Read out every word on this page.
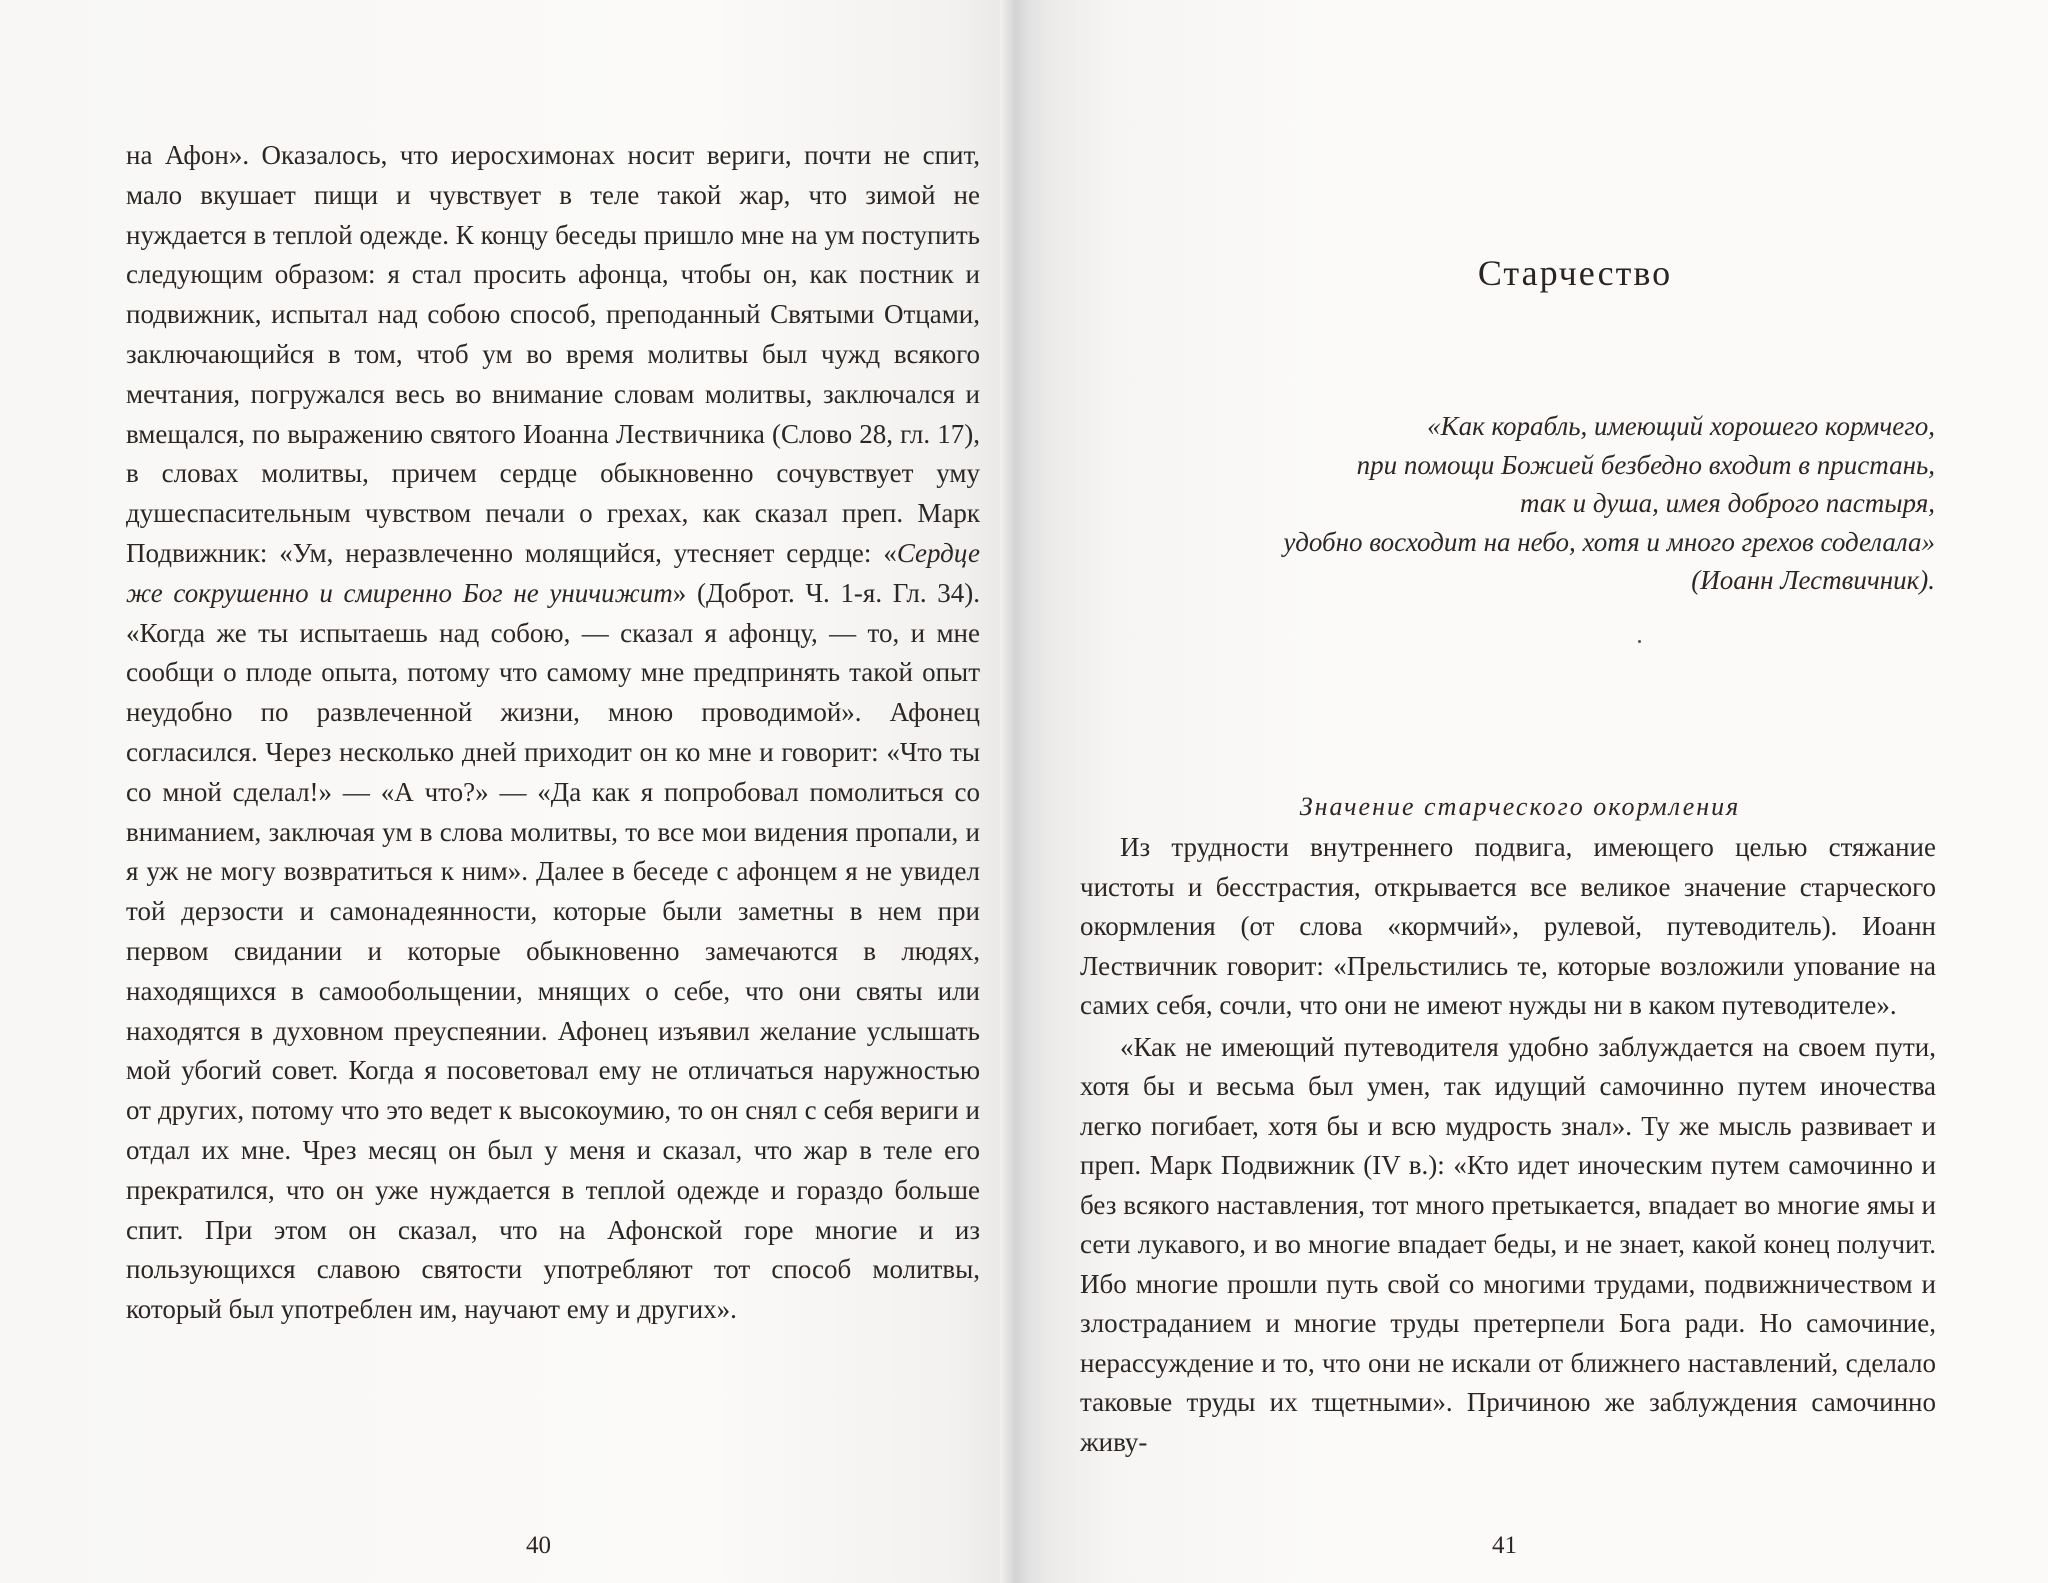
на Афон». Оказалось, что иеросхимонах носит вериги, почти не спит, мало вкушает пищи и чувствует в теле такой жар, что зимой не нуждается в теплой одежде. К концу беседы пришло мне на ум поступить следующим образом: я стал просить афонца, чтобы он, как постник и подвижник, испытал над собою способ, преподанный Святыми Отцами, заключающийся в том, чтоб ум во время молитвы был чужд всякого мечтания, погружался весь во внимание словам молитвы, заключался и вмещался, по выражению святого Иоанна Лествичника (Слово 28, гл. 17), в словах молитвы, причем сердце обыкновенно сочувствует уму душеспасительным чувством печали о грехах, как сказал преп. Марк Подвижник: «Ум, неразвлеченно молящийся, утесняет сердце: «Сердце же сокрушенно и смиренно Бог не уничижит» (Доброт. Ч. 1-я. Гл. 34). «Когда же ты испытаешь над собою, — сказал я афонцу, — то, и мне сообщи о плоде опыта, потому что самому мне предпринять такой опыт неудобно по развлеченной жизни, мною проводимой». Афонец согласился. Через несколько дней приходит он ко мне и говорит: «Что ты со мной сделал!» — «А что?» — «Да как я попробовал помолиться со вниманием, заключая ум в слова молитвы, то все мои видения пропали, и я уж не могу возвратиться к ним». Далее в беседе с афонцем я не увидел той дерзости и самонадеянности, которые были заметны в нем при первом свидании и которые обыкновенно замечаются в людях, находящихся в самообольщении, мнящих о себе, что они святы или находятся в духовном преуспеянии. Афонец изъявил желание услышать мой убогий совет. Когда я посоветовал ему не отличаться наружностью от других, потому что это ведет к высокоумию, то он снял с себя вериги и отдал их мне. Чрез месяц он был у меня и сказал, что жар в теле его прекратился, что он уже нуждается в теплой одежде и гораздо больше спит. При этом он сказал, что на Афонской горе многие и из пользующихся славою святости употребляют тот способ молитвы, который был употреблен им, научают ему и других».

40
Старчество
«Как корабль, имеющий хорошего кормчего,
при помощи Божией безбедно входит в пристань,
так и душа, имея доброго пастыря,
удобно восходит на небо, хотя и много грехов соделала»
(Иоанн Лествичник).
Значение старческого окормления

Из трудности внутреннего подвига, имеющего целью стяжание чистоты и бесстрастия, открывается все великое значение старческого окормления (от слова «кормчий», рулевой, путеводитель). Иоанн Лествичник говорит: «Прельстились те, которые возложили упование на самих себя, сочли, что они не имеют нужды ни в каком путеводителе».

«Как не имеющий путеводителя удобно заблуждается на своем пути, хотя бы и весьма был умен, так идущий самочинно путем иночества легко погибает, хотя бы и всю мудрость знал». Ту же мысль развивает и преп. Марк Подвижник (IV в.): «Кто идет иноческим путем самочинно и без всякого наставления, тот много претыкается, впадает во многие ямы и сети лукавого, и во многие впадает беды, и не знает, какой конец получит. Ибо многие прошли путь свой со многими трудами, подвижничеством и злостраданием и многие труды претерпели Бога ради. Но самочиние, нерассуждение и то, что они не искали от ближнего наставлений, сделало таковые труды их тщетными». Причиною же заблуждения самочинно живу-

41
